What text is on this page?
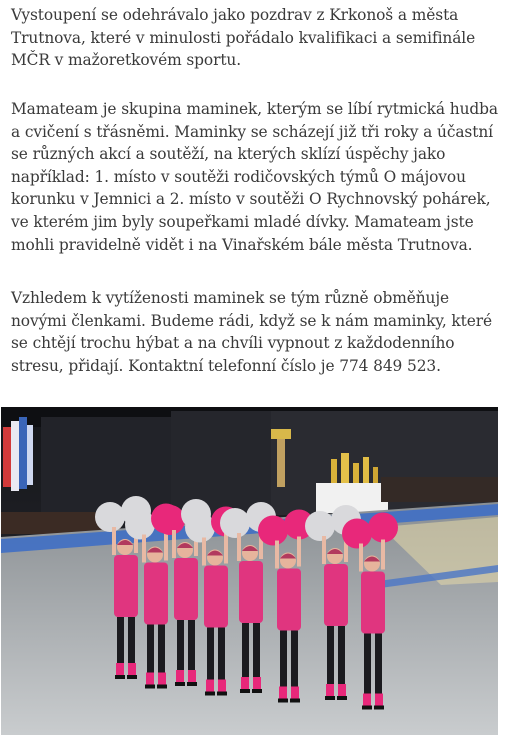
Vystoupení se odehrávalo jako pozdrav z Krkonoš a města Trutnova, které v minulosti pořádalo kvalifikaci a semifinále MČR v mažoretkovém sportu.

Mamateam je skupina maminek, kterým se líbí rytmická hudba a cvičení s třásněmi. Maminky se scházejí již tři roky a účastní se různých akcí a soutěží, na kterých sklízí úspěchy jako například: 1. místo v soutěži rodičovských týmů O májovou korunku v Jemnici a 2. místo v soutěži O Rychnovský pohárek, ve kterém jim byly soupeřkami mladé dívky. Mamateam jste mohli pravidelně vidět i na Vinařském bále města Trutnova.

Vzhledem k vytíženosti maminek se tým různě obměňuje novými členkami. Budeme rádi, když se k nám maminky, které se chtějí trochu hýbat a na chvíli vypnout z každodenního stresu, přidají. Kontaktní telefonní číslo je 774 849 523.
